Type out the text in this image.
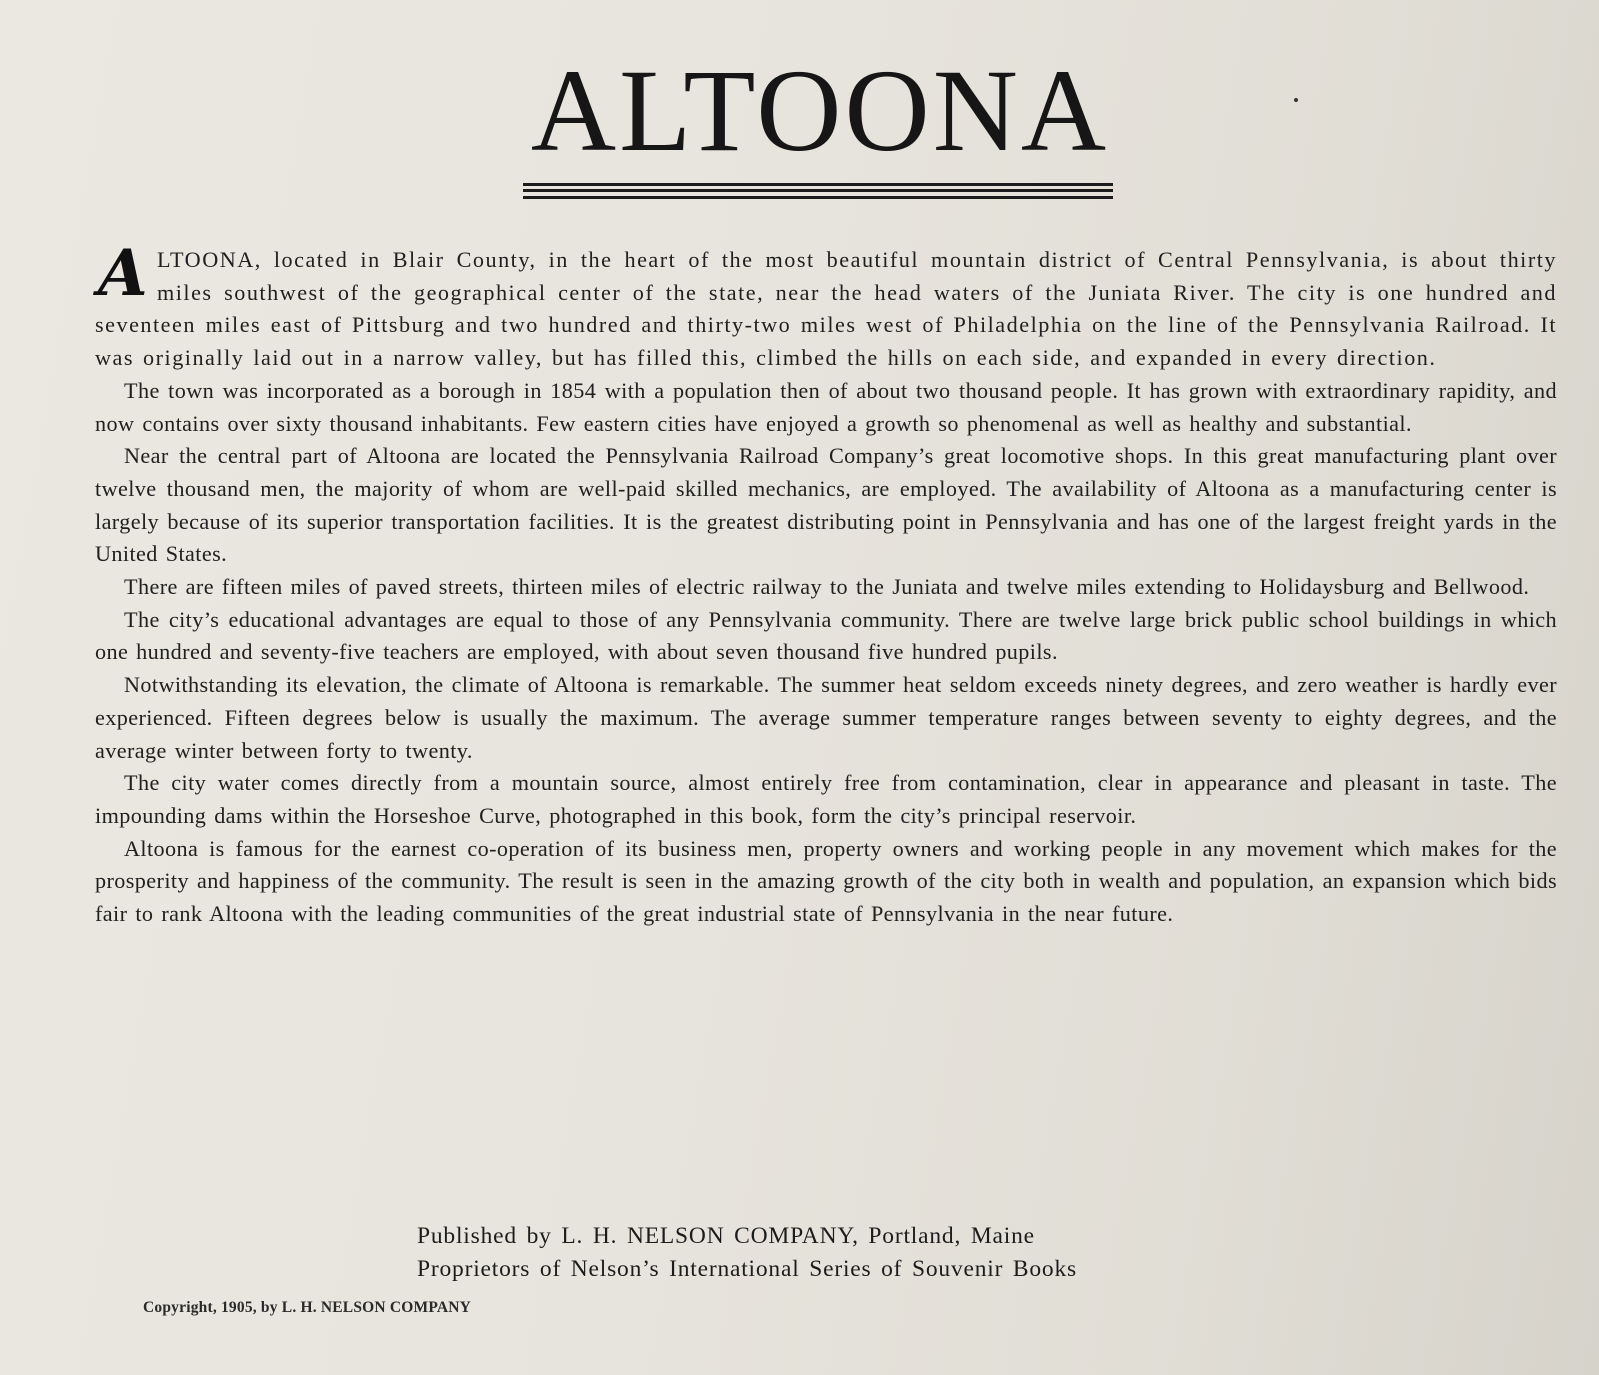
ALTOONA

ALTOONA, located in Blair County, in the heart of the most beautiful mountain district of Central Pennsylvania, is about thirty miles southwest of the geographical center of the state, near the head waters of the Juniata River. The city is one hundred and seventeen miles east of Pittsburg and two hundred and thirty-two miles west of Philadelphia on the line of the Pennsylvania Railroad. It was originally laid out in a narrow valley, but has filled this, climbed the hills on each side, and expanded in every direction.

The town was incorporated as a borough in 1854 with a population then of about two thousand people. It has grown with extraordinary rapidity, and now contains over sixty thousand inhabitants. Few eastern cities have enjoyed a growth so phenomenal as well as healthy and substantial.

Near the central part of Altoona are located the Pennsylvania Railroad Company’s great locomotive shops. In this great manufacturing plant over twelve thousand men, the majority of whom are well-paid skilled mechanics, are employed. The availability of Altoona as a manufacturing center is largely because of its superior transportation facilities. It is the greatest distributing point in Pennsylvania and has one of the largest freight yards in the United States.

There are fifteen miles of paved streets, thirteen miles of electric railway to the Juniata and twelve miles extending to Holidaysburg and Bellwood.

The city’s educational advantages are equal to those of any Pennsylvania community. There are twelve large brick public school buildings in which one hundred and seventy-five teachers are employed, with about seven thousand five hundred pupils.

Notwithstanding its elevation, the climate of Altoona is remarkable. The summer heat seldom exceeds ninety degrees, and zero weather is hardly ever experienced. Fifteen degrees below is usually the maximum. The average summer temperature ranges between seventy to eighty degrees, and the average winter between forty to twenty.

The city water comes directly from a mountain source, almost entirely free from contamination, clear in appearance and pleasant in taste. The impounding dams within the Horseshoe Curve, photographed in this book, form the city’s principal reservoir.

Altoona is famous for the earnest co-operation of its business men, property owners and working people in any movement which makes for the prosperity and happiness of the community. The result is seen in the amazing growth of the city both in wealth and population, an expansion which bids fair to rank Altoona with the leading communities of the great industrial state of Pennsylvania in the near future.

Published by L. H. NELSON COMPANY, Portland, Maine
Proprietors of Nelson’s International Series of Souvenir Books
Copyright, 1905, by L. H. NELSON COMPANY
